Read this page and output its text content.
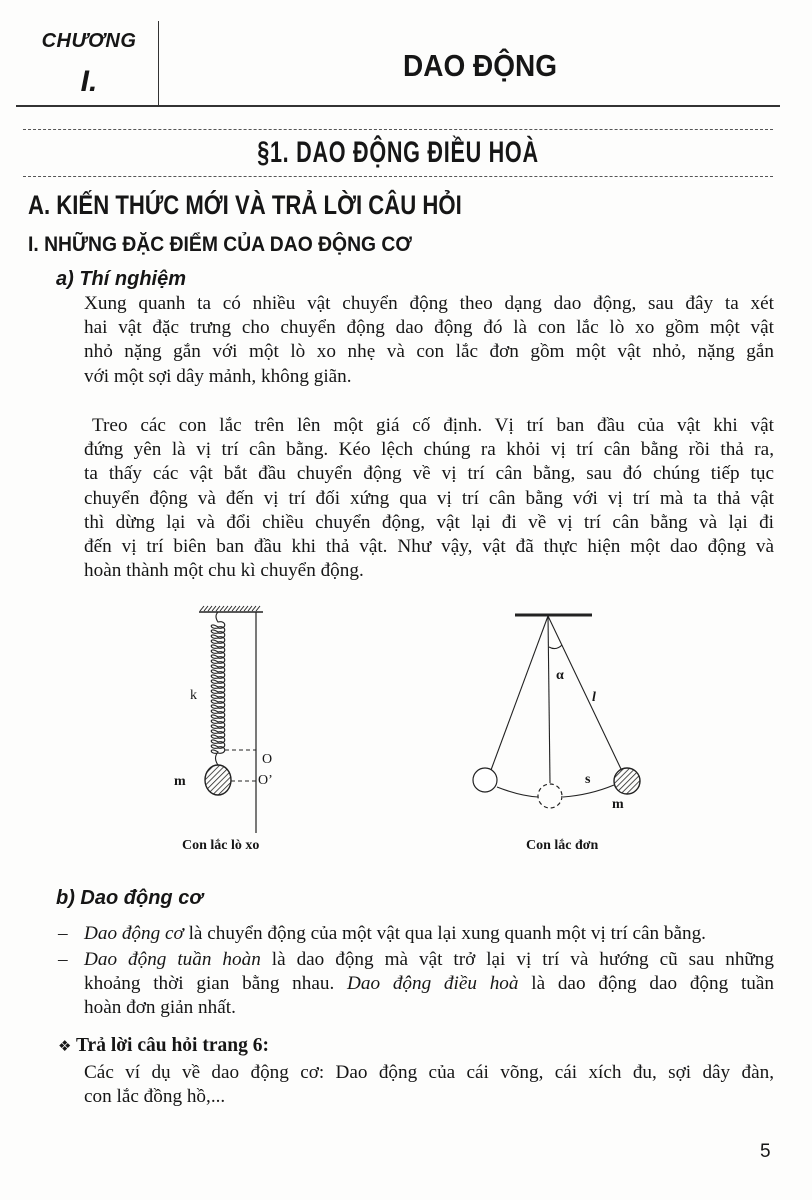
CHƯƠNG
I.	DAO ĐỘNG
§1. DAO ĐỘNG ĐIỀU HOÀ
A. KIẾN THỨC MỚI VÀ TRẢ LỜI CÂU HỎI
I. NHỮNG ĐẶC ĐIỂM CỦA DAO ĐỘNG CƠ
a) Thí nghiệm
Xung quanh ta có nhiều vật chuyển động theo dạng dao động, sau đây ta xét
hai vật đặc trưng cho chuyển động dao động đó là con lắc lò xo gồm một vật
nhỏ nặng gắn với một lò xo nhẹ và con lắc đơn gồm một vật nhỏ, nặng gắn
với một sợi dây mảnh, không giãn.
Treo các con lắc trên lên một giá cố định. Vị trí ban đầu của vật khi vật
đứng yên là vị trí cân bằng. Kéo lệch chúng ra khỏi vị trí cân bằng rồi thả ra,
ta thấy các vật bắt đầu chuyển động về vị trí cân bằng, sau đó chúng tiếp tục
chuyển động và đến vị trí đối xứng qua vị trí cân bằng với vị trí mà ta thả vật
thì dừng lại và đổi chiều chuyển động, vật lại đi về vị trí cân bằng và lại đi
đến vị trí biên ban đầu khi thả vật. Như vậy, vật đã thực hiện một dao động và
hoàn thành một chu kì chuyển động.
k
m
O
O’
Con lắc lò xo
α
l
s
m
Con lắc đơn
b) Dao động cơ
– Dao động cơ là chuyển động của một vật qua lại xung quanh một vị trí cân bằng.
– Dao động tuần hoàn là dao động mà vật trở lại vị trí và hướng cũ sau những
khoảng thời gian bằng nhau. Dao động điều hoà là dao động dao động tuần
hoàn đơn giản nhất.
❖ Trả lời câu hỏi trang 6:
Các ví dụ về dao động cơ: Dao động của cái võng, cái xích đu, sợi dây đàn,
con lắc đồng hồ,...
5
